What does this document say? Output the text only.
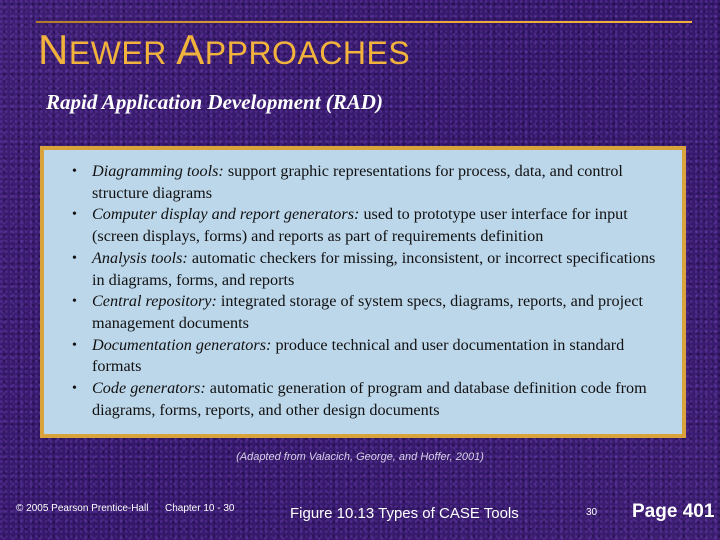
NEWER APPROACHES
Rapid Application Development (RAD)
• Diagramming tools: support graphic representations for process, data, and control structure diagrams
• Computer display and report generators: used to prototype user interface for input (screen displays, forms) and reports as part of requirements definition
• Analysis tools: automatic checkers for missing, inconsistent, or incorrect specifications in diagrams, forms, and reports
• Central repository: integrated storage of system specs, diagrams, reports, and project management documents
• Documentation generators: produce technical and user documentation in standard formats
• Code generators: automatic generation of program and database definition code from diagrams, forms, reports, and other design documents
(Adapted from Valacich, George, and Hoffer, 2001)
© 2005 Pearson Prentice-Hall Chapter 10 - 30	Figure 10.13 Types of CASE Tools	30 Page 401
